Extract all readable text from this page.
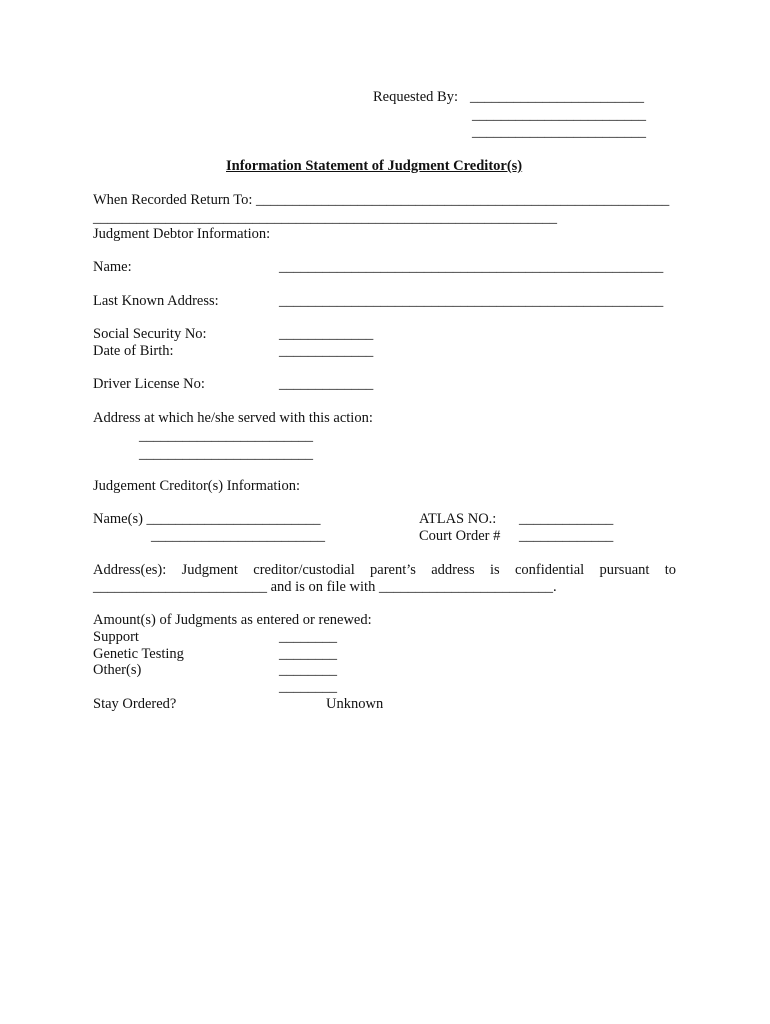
Requested By: ________________________
________________________
________________________
Information Statement of Judgment Creditor(s)
When Recorded Return To: _________________________________________________________
________________________________________________________________
Judgment Debtor Information:
Name:	_____________________________________________________
Last Known Address:	_____________________________________________________
Social Security No:	_____________
Date of Birth:	_____________
Driver License No:	_____________
Address at which he/she served with this action:
________________________
________________________
Judgement Creditor(s) Information:
Name(s) ________________________
________________________
ATLAS NO.: _____________
Court Order # _____________
Address(es): Judgment creditor/custodial parent’s address is confidential pursuant to
________________________ and is on file with ________________________.
Amount(s) of Judgments as entered or renewed:
Support	________
Genetic Testing	________
Other(s)	________
________
Stay Ordered?	Unknown
